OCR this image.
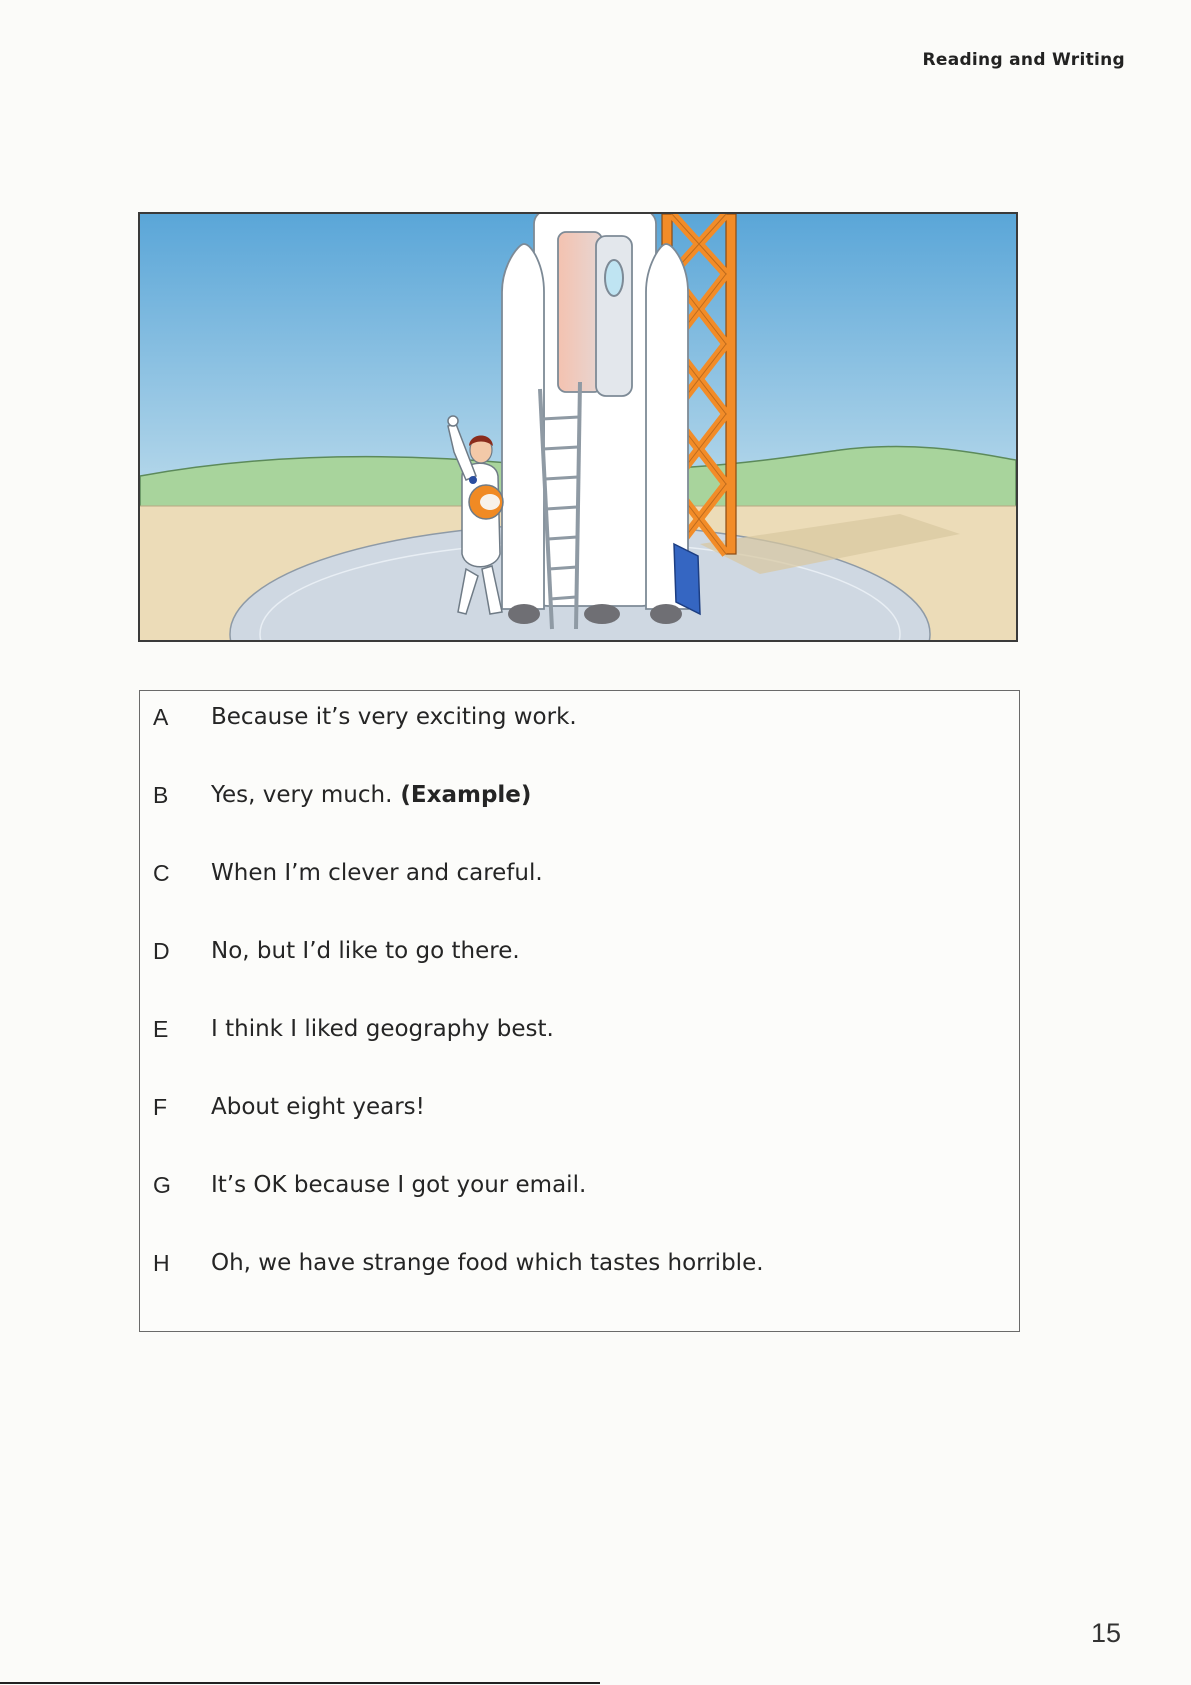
Reading and Writing
A	Because it’s very exciting work.
B	Yes, very much. (Example)
C	When I’m clever and careful.
D	No, but I’d like to go there.
E	I think I liked geography best.
F	About eight years!
G	It’s OK because I got your email.
H	Oh, we have strange food which tastes horrible.
15
